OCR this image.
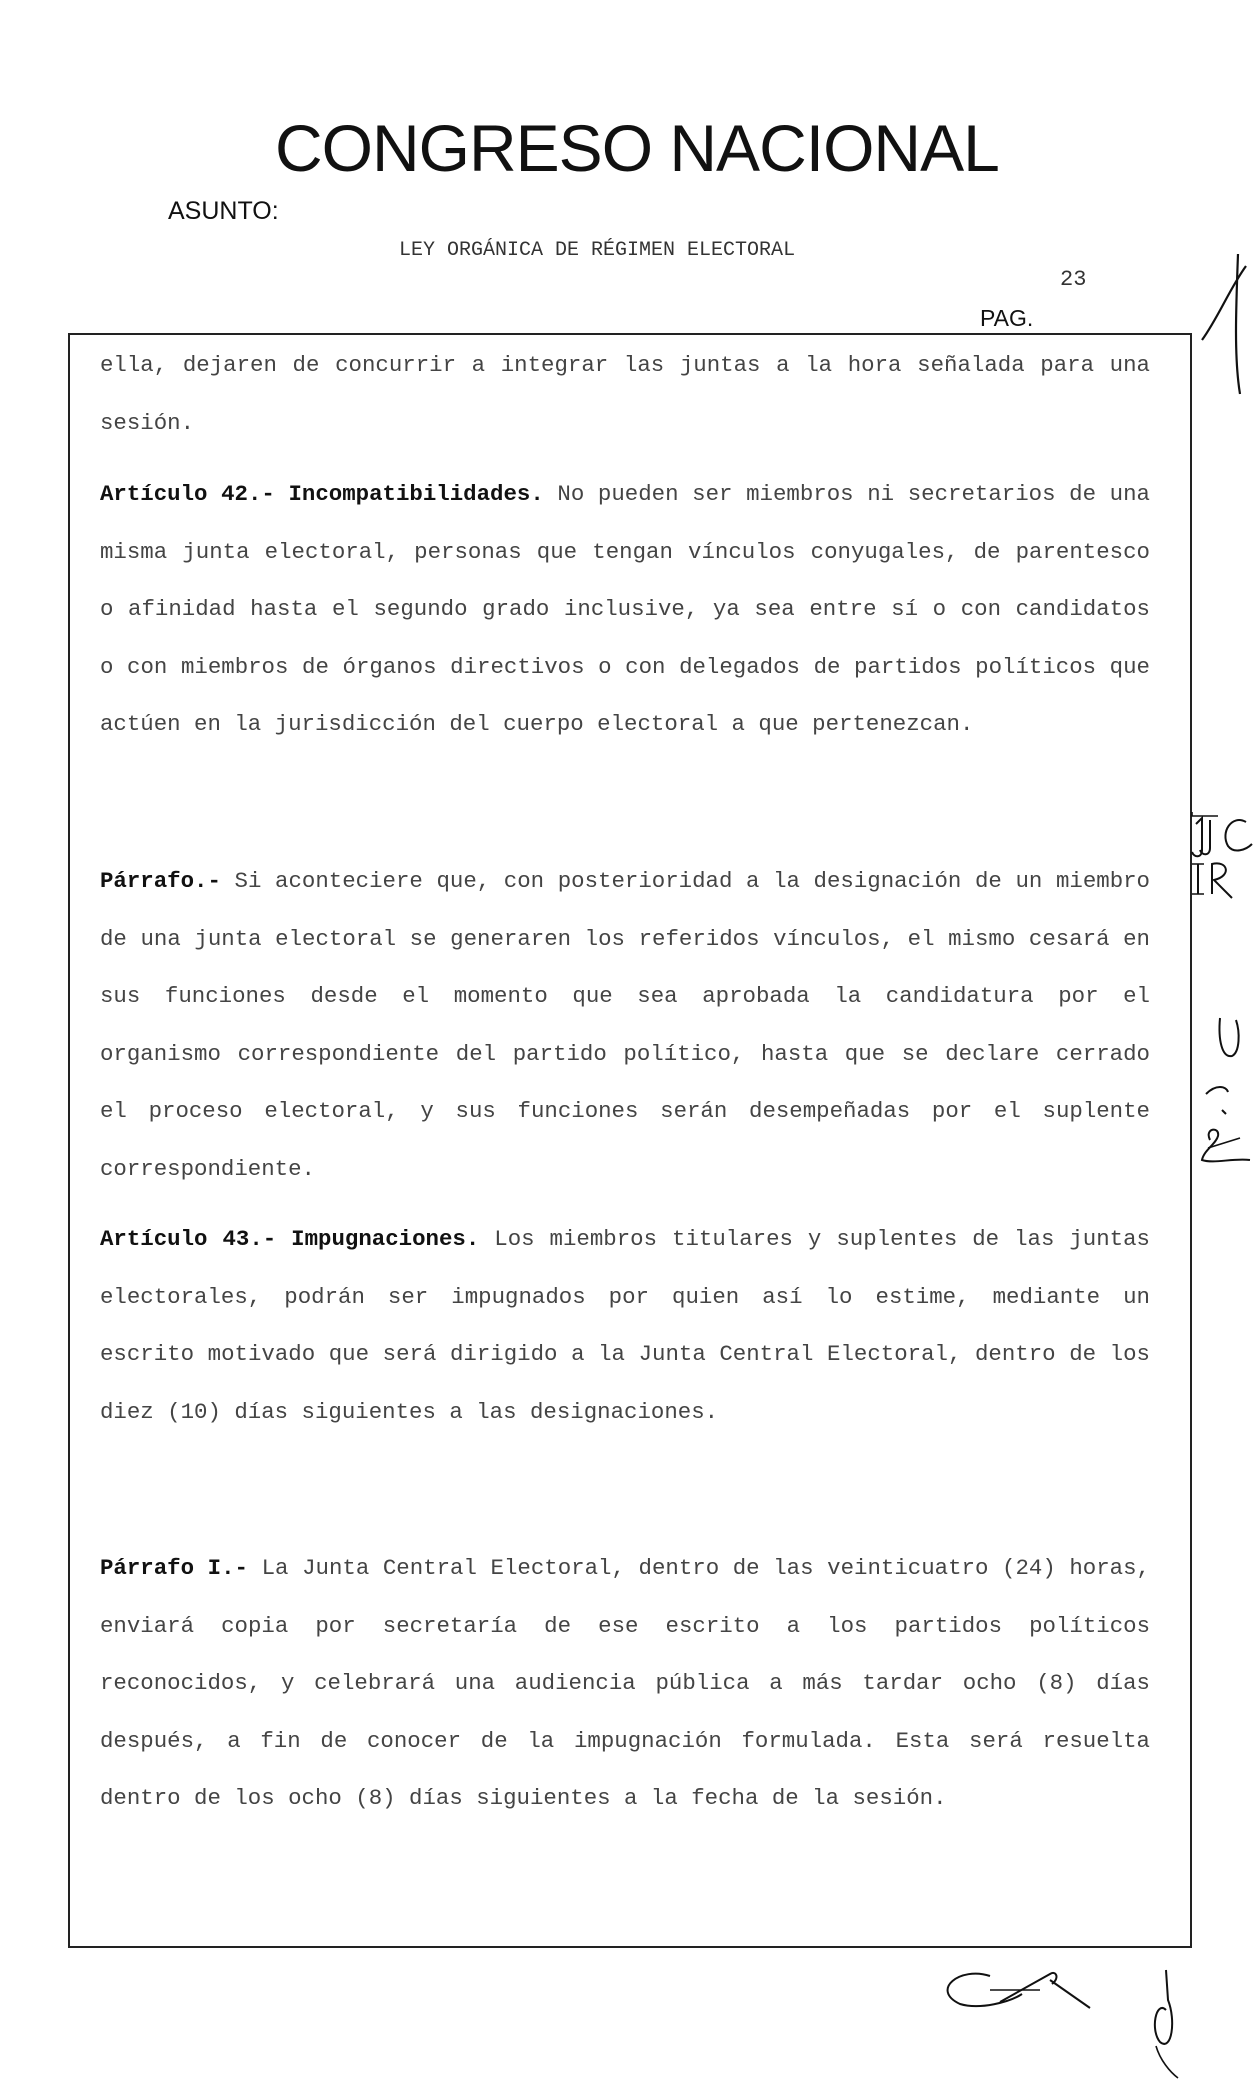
CONGRESO NACIONAL
ASUNTO:
LEY ORGÁNICA DE RÉGIMEN ELECTORAL
23
PAG.
ella, dejaren de concurrir a integrar las juntas a la hora señalada para una sesión.
Artículo 42.- Incompatibilidades. No pueden ser miembros ni secretarios de una misma junta electoral, personas que tengan vínculos conyugales, de parentesco o afinidad hasta el segundo grado inclusive, ya sea entre sí o con candidatos o con miembros de órganos directivos o con delegados de partidos políticos que actúen en la jurisdicción del cuerpo electoral a que pertenezcan.
Párrafo.- Si aconteciere que, con posterioridad a la designación de un miembro de una junta electoral se generaren los referidos vínculos, el mismo cesará en sus funciones desde el momento que sea aprobada la candidatura por el organismo correspondiente del partido político, hasta que se declare cerrado el proceso electoral, y sus funciones serán desempeñadas por el suplente correspondiente.
Artículo 43.- Impugnaciones. Los miembros titulares y suplentes de las juntas electorales, podrán ser impugnados por quien así lo estime, mediante un escrito motivado que será dirigido a la Junta Central Electoral, dentro de los diez (10) días siguientes a las designaciones.
Párrafo I.- La Junta Central Electoral, dentro de las veinticuatro (24) horas, enviará copia por secretaría de ese escrito a los partidos políticos reconocidos, y celebrará una audiencia pública a más tardar ocho (8) días después, a fin de conocer de la impugnación formulada. Esta será resuelta dentro de los ocho (8) días siguientes a la fecha de la sesión.
